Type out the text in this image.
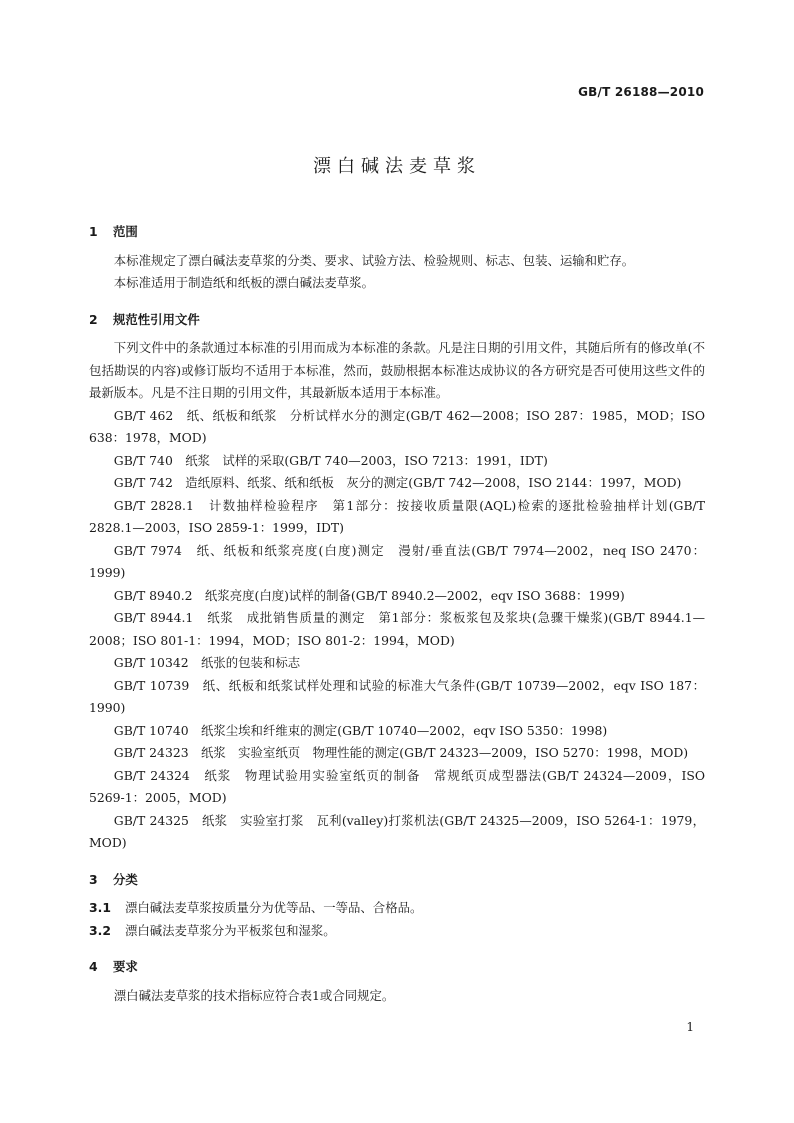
GB/T 26188—2010
漂白碱法麦草浆
1 范围

本标准规定了漂白碱法麦草浆的分类、要求、试验方法、检验规则、标志、包装、运输和贮存。

本标准适用于制造纸和纸板的漂白碱法麦草浆。

2 规范性引用文件

下列文件中的条款通过本标准的引用而成为本标准的条款。凡是注日期的引用文件，其随后所有的修改单(不包括勘误的内容)或修订版均不适用于本标准，然而，鼓励根据本标准达成协议的各方研究是否可使用这些文件的最新版本。凡是不注日期的引用文件，其最新版本适用于本标准。

GB/T 462　纸、纸板和纸浆　分析试样水分的测定(GB/T 462—2008；ISO 287：1985，MOD；ISO 638：1978，MOD)

GB/T 740　纸浆　试样的采取(GB/T 740—2003，ISO 7213：1991，IDT)

GB/T 742　造纸原料、纸浆、纸和纸板　灰分的测定(GB/T 742—2008，ISO 2144：1997，MOD)

GB/T 2828.1　计数抽样检验程序　第1部分：按接收质量限(AQL)检索的逐批检验抽样计划(GB/T 2828.1—2003，ISO 2859-1：1999，IDT)

GB/T 7974　纸、纸板和纸浆亮度(白度)测定　漫射/垂直法(GB/T 7974—2002，neq ISO 2470：1999)

GB/T 8940.2　纸浆亮度(白度)试样的制备(GB/T 8940.2—2002，eqv ISO 3688：1999)

GB/T 8944.1　纸浆　成批销售质量的测定　第1部分：浆板浆包及浆块(急骤干燥浆)(GB/T 8944.1—2008；ISO 801-1：1994，MOD；ISO 801-2：1994，MOD)

GB/T 10342　纸张的包装和标志

GB/T 10739　纸、纸板和纸浆试样处理和试验的标准大气条件(GB/T 10739—2002，eqv ISO 187：1990)

GB/T 10740　纸浆尘埃和纤维束的测定(GB/T 10740—2002，eqv ISO 5350：1998)

GB/T 24323　纸浆　实验室纸页　物理性能的测定(GB/T 24323—2009，ISO 5270：1998，MOD)

GB/T 24324　纸浆　物理试验用实验室纸页的制备　常规纸页成型器法(GB/T 24324—2009，ISO 5269-1：2005，MOD)

GB/T 24325　纸浆　实验室打浆　瓦利(valley)打浆机法(GB/T 24325—2009，ISO 5264-1：1979，MOD)

3 分类

3.1 漂白碱法麦草浆按质量分为优等品、一等品、合格品。

3.2 漂白碱法麦草浆分为平板浆包和湿浆。

4 要求

漂白碱法麦草浆的技术指标应符合表1或合同规定。

1
